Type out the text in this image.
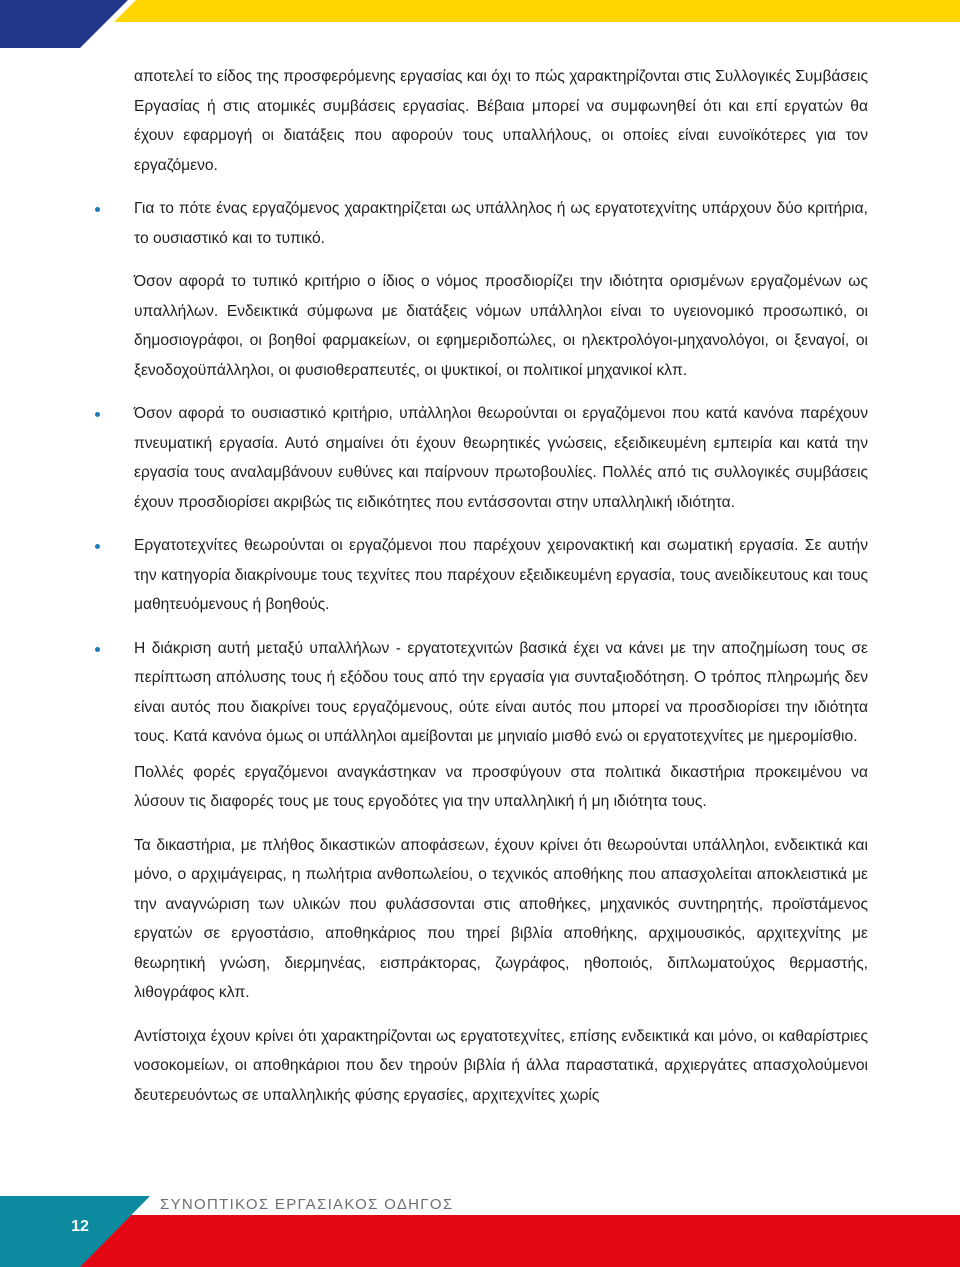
αποτελεί το είδος της προσφερόμενης εργασίας και όχι το πώς χαρακτηρίζονται στις Συλλογικές Συμβάσεις Εργασίας ή στις ατομικές συμβάσεις εργασίας. Βέβαια μπορεί να συμφωνηθεί ότι και επί εργατών θα έχουν εφαρμογή οι διατάξεις που αφορούν τους υπαλλήλους, οι οποίες είναι ευνοϊκότερες για τον εργαζόμενο.

Για το πότε ένας εργαζόμενος χαρακτηρίζεται ως υπάλληλος ή ως εργατοτεχνίτης υπάρχουν δύο κριτήρια, το ουσιαστικό και το τυπικό.

Όσον αφορά το τυπικό κριτήριο ο ίδιος ο νόμος προσδιορίζει την ιδιότητα ορισμένων εργαζομένων ως υπαλλήλων. Ενδεικτικά σύμφωνα με διατάξεις νόμων υπάλληλοι είναι το υγειονομικό προσωπικό, οι δημοσιογράφοι, οι βοηθοί φαρμακείων, οι εφημεριδοπώλες, οι ηλεκτρολόγοι-μηχανολόγοι, οι ξεναγοί, οι ξενοδοχοϋπάλληλοι, οι φυσιοθεραπευτές, οι ψυκτικοί, οι πολιτικοί μηχανικοί κλπ.

Όσον αφορά το ουσιαστικό κριτήριο, υπάλληλοι θεωρούνται οι εργαζόμενοι που κατά κανόνα παρέχουν πνευματική εργασία. Αυτό σημαίνει ότι έχουν θεωρητικές γνώσεις, εξειδικευμένη εμπειρία και κατά την εργασία τους αναλαμβάνουν ευθύνες και παίρνουν πρωτοβουλίες. Πολλές από τις συλλογικές συμβάσεις έχουν προσδιορίσει ακριβώς τις ειδικότητες που εντάσσονται στην υπαλληλική ιδιότητα.

Εργατοτεχνίτες θεωρούνται οι εργαζόμενοι που παρέχουν χειρονακτική και σωματική εργασία. Σε αυτήν την κατηγορία διακρίνουμε τους τεχνίτες που παρέχουν εξειδικευμένη εργασία, τους ανειδίκευτους και τους μαθητευόμενους ή βοηθούς.

Η διάκριση αυτή μεταξύ υπαλλήλων - εργατοτεχνιτών βασικά έχει να κάνει με την αποζημίωση τους σε περίπτωση απόλυσης τους ή εξόδου τους από την εργασία για συνταξιοδότηση. Ο τρόπος πληρωμής δεν είναι αυτός που διακρίνει τους εργαζόμενους, ούτε είναι αυτός που μπορεί να προσδιορίσει την ιδιότητα τους. Κατά κανόνα όμως οι υπάλληλοι αμείβονται με μηνιαίο μισθό ενώ οι εργατοτεχνίτες με ημερομίσθιο.

Πολλές φορές εργαζόμενοι αναγκάστηκαν να προσφύγουν στα πολιτικά δικαστήρια προκειμένου να λύσουν τις διαφορές τους με τους εργοδότες για την υπαλληλική ή μη ιδιότητα τους.

Τα δικαστήρια, με πλήθος δικαστικών αποφάσεων, έχουν κρίνει ότι θεωρούνται υπάλληλοι, ενδεικτικά και μόνο, ο αρχιμάγειρας, η πωλήτρια ανθοπωλείου, ο τεχνικός αποθήκης που απασχολείται αποκλειστικά με την αναγνώριση των υλικών που φυλάσσονται στις αποθήκες, μηχανικός συντηρητής, προϊστάμενος εργατών σε εργοστάσιο, αποθηκάριος που τηρεί βιβλία αποθήκης, αρχιμουσικός, αρχιτεχνίτης με θεωρητική γνώση, διερμηνέας, εισπράκτορας, ζωγράφος, ηθοποιός, διπλωματούχος θερμαστής, λιθογράφος κλπ.

Αντίστοιχα έχουν κρίνει ότι χαρακτηρίζονται ως εργατοτεχνίτες, επίσης ενδεικτικά και μόνο, οι καθαρίστριες νοσοκομείων, οι αποθηκάριοι που δεν τηρούν βιβλία ή άλλα παραστατικά, αρχιεργάτες απασχολούμενοι δευτερευόντως σε υπαλληλικής φύσης εργασίες, αρχιτεχνίτες χωρίς

ΣΥΝΟΠΤΙΚΟΣ ΕΡΓΑΣΙΑΚΟΣ ΟΔΗΓΟΣ
12
